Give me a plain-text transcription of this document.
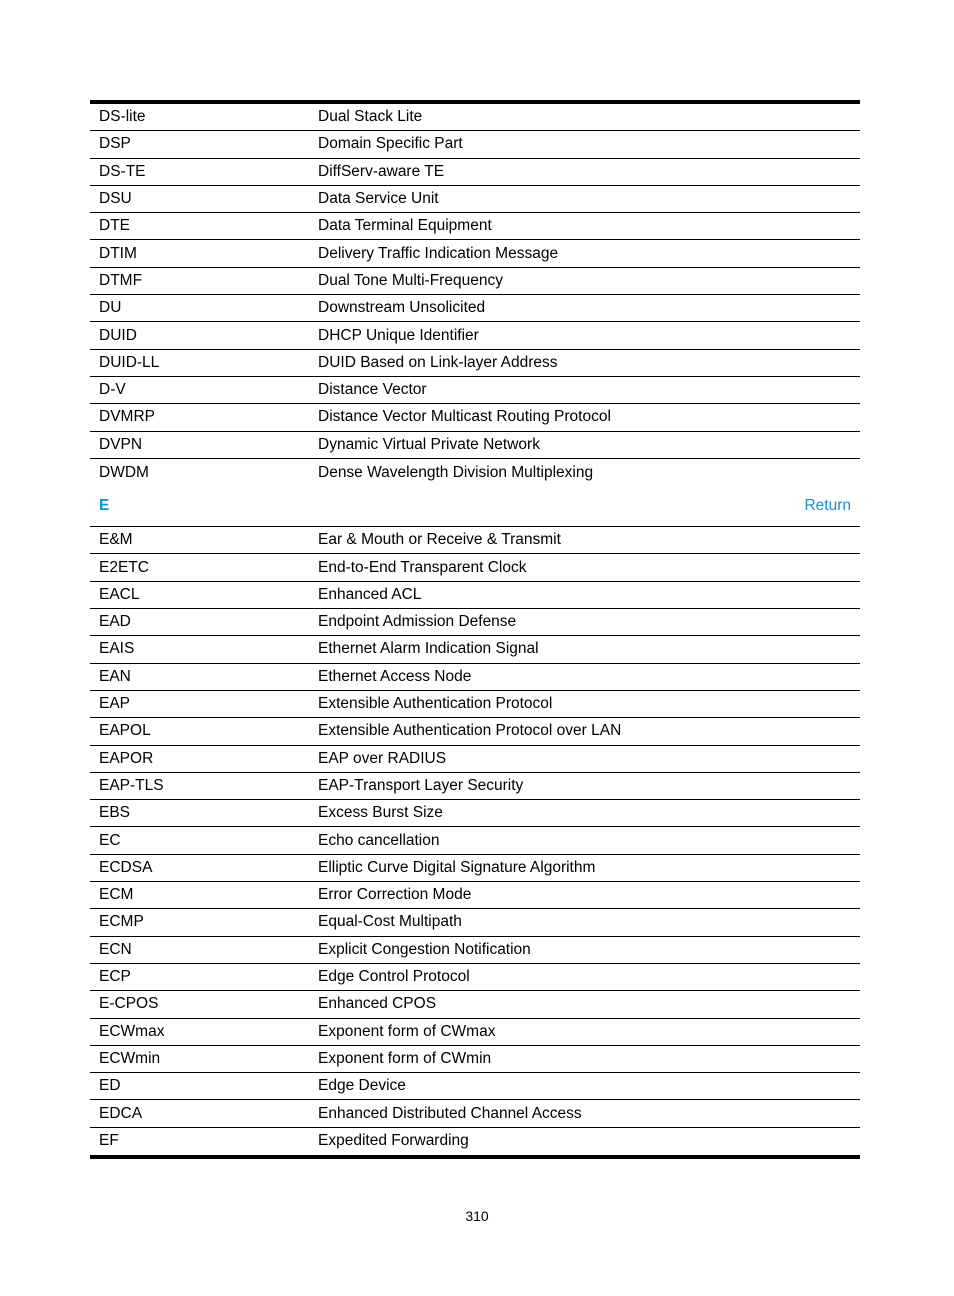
DS-lite	Dual Stack Lite
DSP	Domain Specific Part
DS-TE	DiffServ-aware TE
DSU	Data Service Unit
DTE	Data Terminal Equipment
DTIM	Delivery Traffic Indication Message
DTMF	Dual Tone Multi-Frequency
DU	Downstream Unsolicited
DUID	DHCP Unique Identifier
DUID-LL	DUID Based on Link-layer Address
D-V	Distance Vector
DVMRP	Distance Vector Multicast Routing Protocol
DVPN	Dynamic Virtual Private Network
DWDM	Dense Wavelength Division Multiplexing
E	Return
E&M	Ear & Mouth or Receive & Transmit
E2ETC	End-to-End Transparent Clock
EACL	Enhanced ACL
EAD	Endpoint Admission Defense
EAIS	Ethernet Alarm Indication Signal
EAN	Ethernet Access Node
EAP	Extensible Authentication Protocol
EAPOL	Extensible Authentication Protocol over LAN
EAPOR	EAP over RADIUS
EAP-TLS	EAP-Transport Layer Security
EBS	Excess Burst Size
EC	Echo cancellation
ECDSA	Elliptic Curve Digital Signature Algorithm
ECM	Error Correction Mode
ECMP	Equal-Cost Multipath
ECN	Explicit Congestion Notification
ECP	Edge Control Protocol
E-CPOS	Enhanced CPOS
ECWmax	Exponent form of CWmax
ECWmin	Exponent form of CWmin
ED	Edge Device
EDCA	Enhanced Distributed Channel Access
EF	Expedited Forwarding
310
